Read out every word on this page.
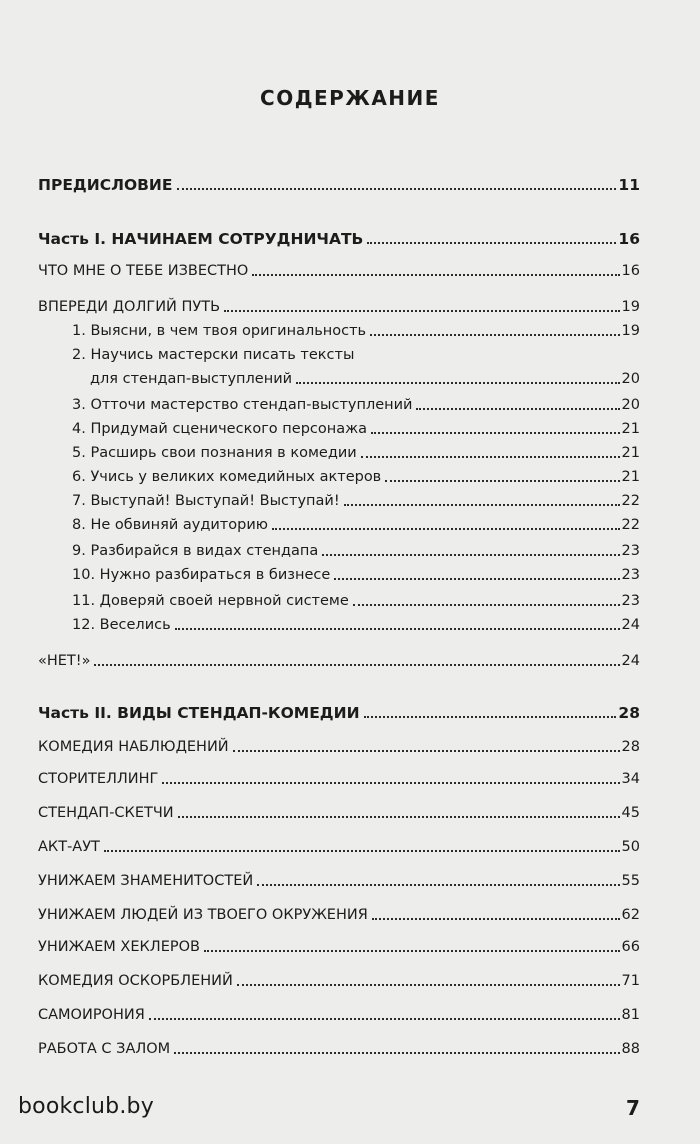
СОДЕРЖАНИЕ
ПРЕДИСЛОВИЕ	11
Часть I. НАЧИНАЕМ СОТРУДНИЧАТЬ	16
ЧТО МНЕ О ТЕБЕ ИЗВЕСТНО	16
ВПЕРЕДИ ДОЛГИЙ ПУТЬ	19
1. Выясни, в чем твоя оригинальность	19
2. Научись мастерски писать тексты
для стендап-выступлений	20
3. Отточи мастерство стендап-выступлений	20
4. Придумай сценического персонажа	21
5. Расширь свои познания в комедии	21
6. Учись у великих комедийных актеров	21
7. Выступай! Выступай! Выступай!	22
8. Не обвиняй аудиторию	22
9. Разбирайся в видах стендапа	23
10. Нужно разбираться в бизнесе	23
11. Доверяй своей нервной системе	23
12. Веселись	24
«НЕТ!»	24
Часть II. ВИДЫ СТЕНДАП-КОМЕДИИ	28
КОМЕДИЯ НАБЛЮДЕНИЙ	28
СТОРИТЕЛЛИНГ	34
СТЕНДАП-СКЕТЧИ	45
АКТ-АУТ	50
УНИЖАЕМ ЗНАМЕНИТОСТЕЙ	55
УНИЖАЕМ ЛЮДЕЙ ИЗ ТВОЕГО ОКРУЖЕНИЯ	62
УНИЖАЕМ ХЕКЛЕРОВ	66
КОМЕДИЯ ОСКОРБЛЕНИЙ	71
САМОИРОНИЯ	81
РАБОТА С ЗАЛОМ	88
bookclub.by	7
